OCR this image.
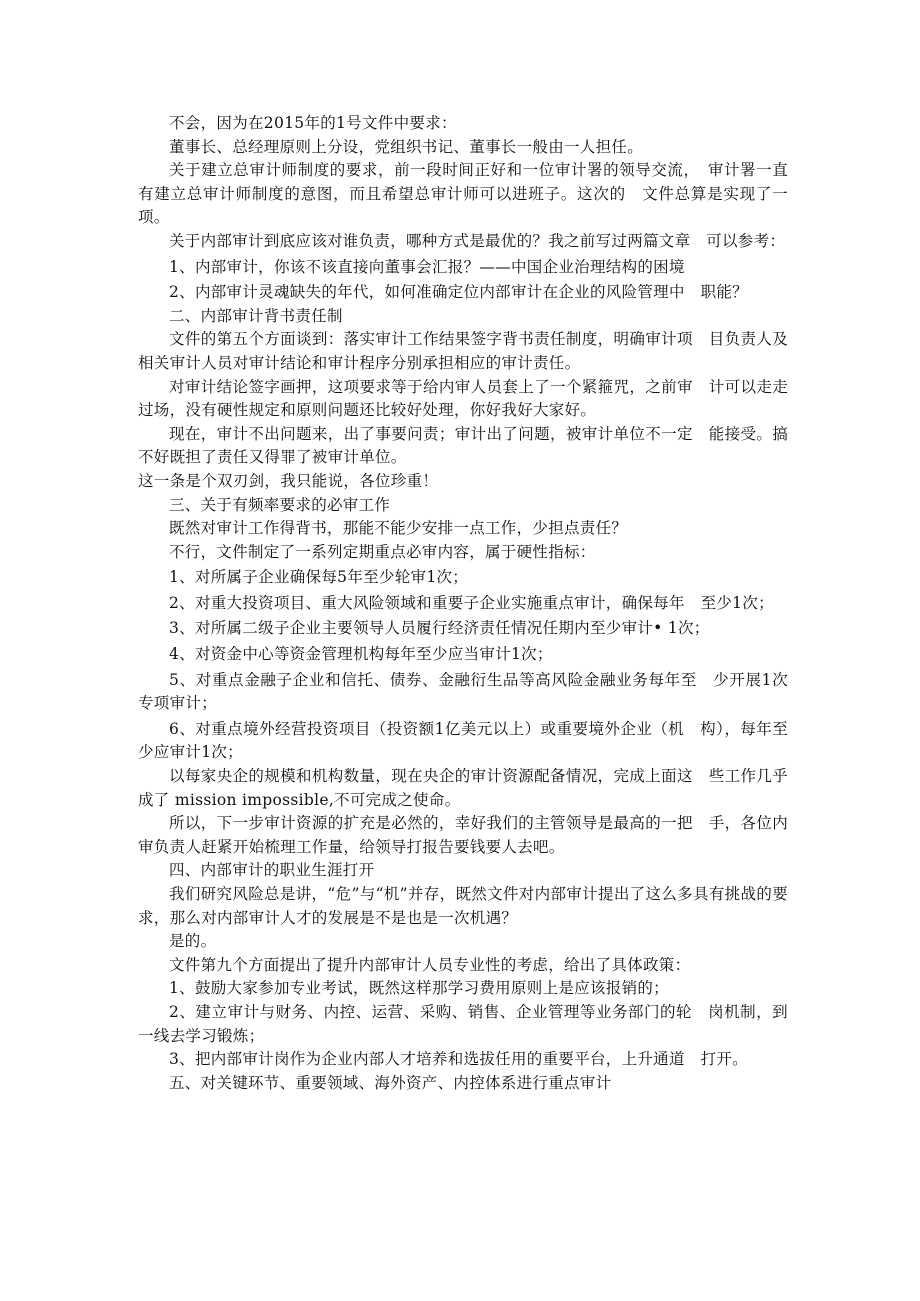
不会，因为在2015年的1号文件中要求：

董事长、总经理原则上分设，党组织书记、董事长一般由一人担任。

关于建立总审计师制度的要求，前一段时间正好和一位审计署的领导交流，　审计署一直有建立总审计师制度的意图，而且希望总审计师可以进班子。这次的　文件总算是实现了一项。

关于内部审计到底应该对谁负责，哪种方式是最优的？我之前写过两篇文章　可以参考：

1、内部审计，你该不该直接向董事会汇报？——中国企业治理结构的困境

2、内部审计灵魂缺失的年代，如何准确定位内部审计在企业的风险管理中　职能？

二、内部审计背书责任制

文件的第五个方面谈到：落实审计工作结果签字背书责任制度，明确审计项　目负责人及相关审计人员对审计结论和审计程序分别承担相应的审计责任。

对审计结论签字画押，这项要求等于给内审人员套上了一个紧箍咒，之前审　计可以走走过场，没有硬性规定和原则问题还比较好处理，你好我好大家好。

现在，审计不出问题来，出了事要问责；审计出了问题，被审计单位不一定　能接受。搞不好既担了责任又得罪了被审计单位。

这一条是个双刃剑，我只能说，各位珍重！

三、关于有频率要求的必审工作

既然对审计工作得背书，那能不能少安排一点工作，少担点责任？

不行，文件制定了一系列定期重点必审内容，属于硬性指标：

1、对所属子企业确保每5年至少轮审1次；

2、对重大投资项目、重大风险领域和重要子企业实施重点审计，确保每年　至少1次；

3、对所属二级子企业主要领导人员履行经济责任情况任期内至少审计• 1次；

4、对资金中心等资金管理机构每年至少应当审计1次；

5、对重点金融子企业和信托、债券、金融衍生品等高风险金融业务每年至　少开展1次专项审计；

6、对重点境外经营投资项目（投资额1亿美元以上）或重要境外企业（机　构），每年至少应审计1次；

以每家央企的规模和机构数量，现在央企的审计资源配备情况，完成上面这　些工作几乎成了 mission impossible,不可完成之使命。

所以，下一步审计资源的扩充是必然的，幸好我们的主管领导是最高的一把　手，各位内审负责人赶紧开始梳理工作量，给领导打报告要钱要人去吧。

四、内部审计的职业生涯打开

我们研究风险总是讲，“危”与“机”并存，既然文件对内部审计提出了这么多具有挑战的要求，那么对内部审计人才的发展是不是也是一次机遇？

是的。

文件第九个方面提出了提升内部审计人员专业性的考虑，给出了具体政策：

1、鼓励大家参加专业考试，既然这样那学习费用原则上是应该报销的；

2、建立审计与财务、内控、运营、采购、销售、企业管理等业务部门的轮　岗机制，到一线去学习锻炼；

3、把内部审计岗作为企业内部人才培养和选拔任用的重要平台，上升通道　打开。

五、对关键环节、重要领域、海外资产、内控体系进行重点审计
